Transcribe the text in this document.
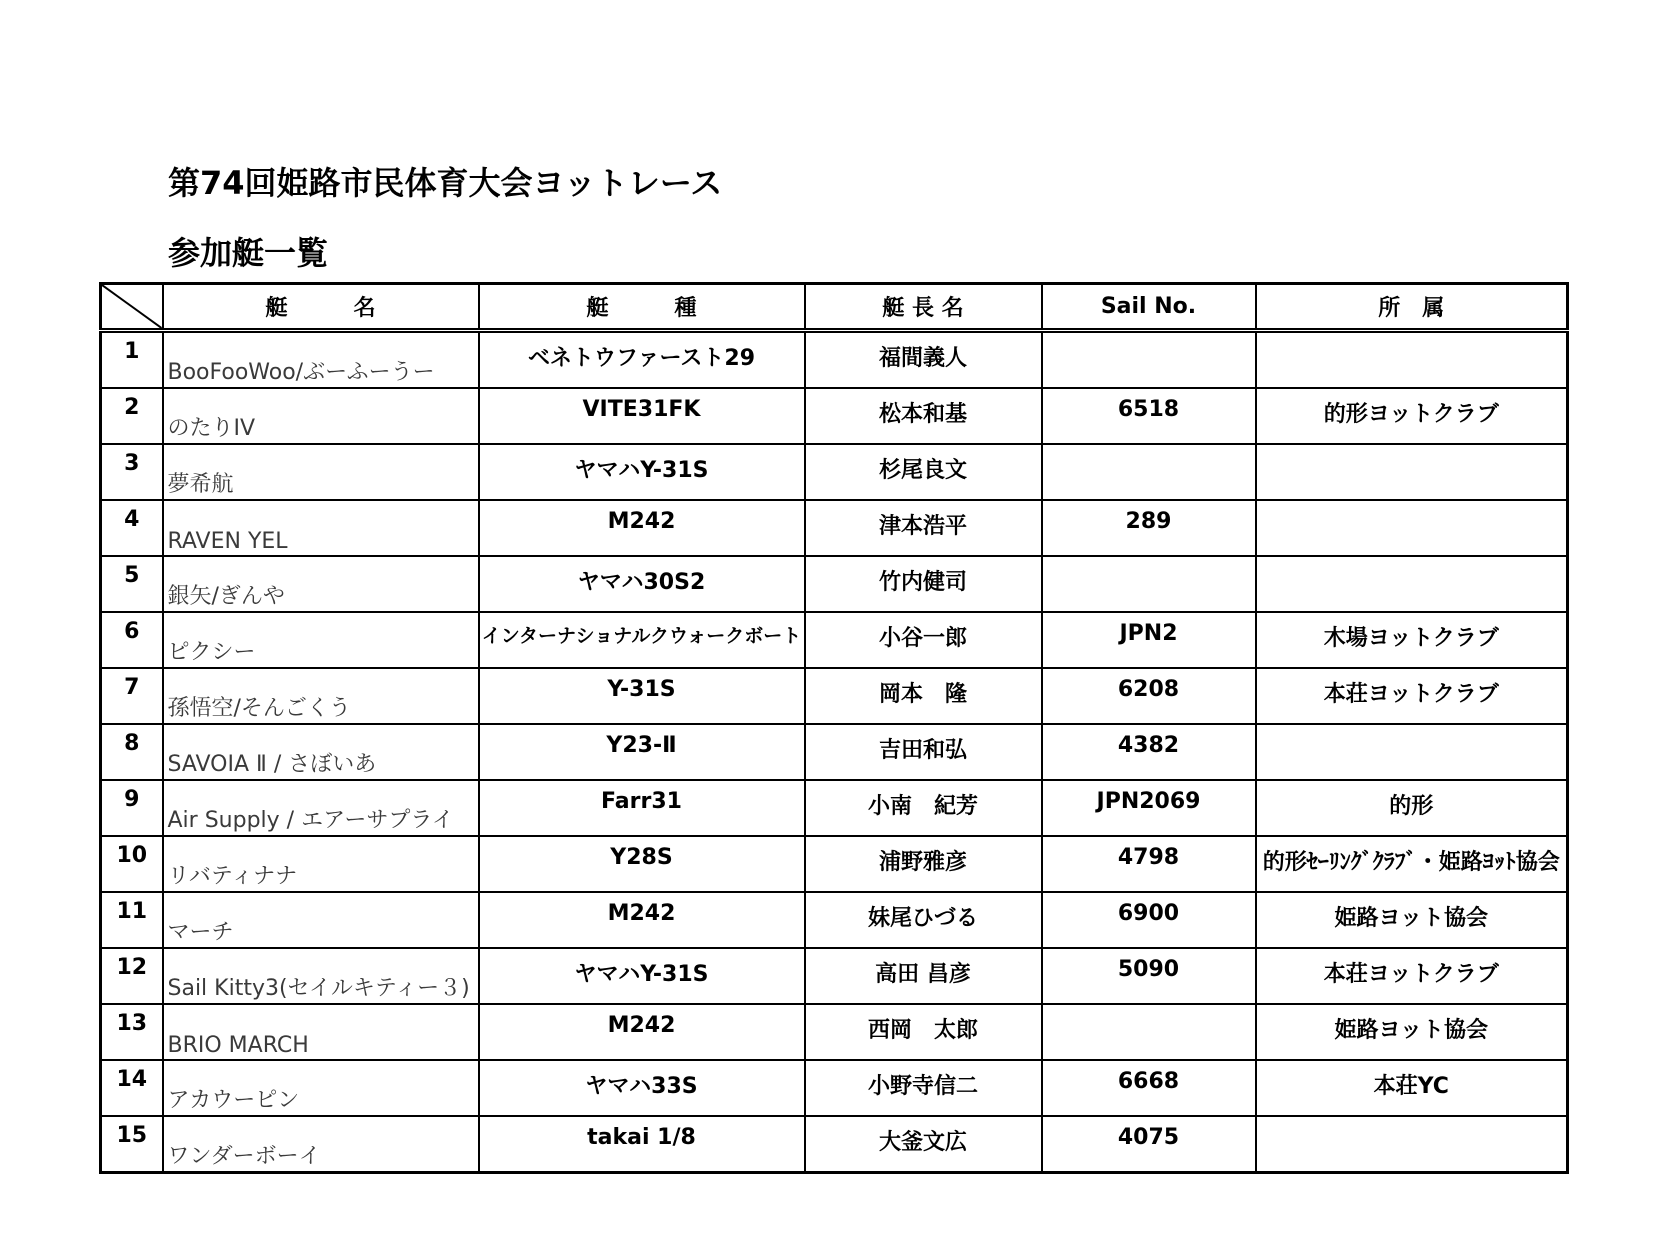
第74回姫路市民体育大会ヨットレース
参加艇一覧
	艇　　　名	艇　　　種	艇 長 名	Sail No.	所　属
1	BooFooWoo/ぶーふーうー	ベネトウファースト29	福間義人		
2	のたりIV	VITE31FK	松本和基	6518	的形ヨットクラブ
3	夢希航	ヤマハY-31S	杉尾良文		
4	RAVEN YEL	M242	津本浩平	289	
5	銀矢/ぎんや	ヤマハ30S2	竹内健司		
6	ピクシー	インターナショナルクウォークボート	小谷一郎	JPN2	木場ヨットクラブ
7	孫悟空/そんごくう	Y-31S	岡本　隆	6208	本荘ヨットクラブ
8	SAVOIA Ⅱ / さぼいあ	Y23-Ⅱ	吉田和弘	4382	
9	Air Supply / エアーサプライ	Farr31	小南　紀芳	JPN2069	的形
10	リバティナナ	Y28S	浦野雅彦	4798	的形ｾｰﾘﾝｸﾞｸﾗﾌﾞ・姫路ﾖｯﾄ協会
11	マーチ	M242	妹尾ひづる	6900	姫路ヨット協会
12	Sail Kitty3(セイルキティー３)	ヤマハY-31S	高田 昌彦	5090	本荘ヨットクラブ
13	BRIO MARCH	M242	西岡　太郎		姫路ヨット協会
14	アカウーピン	ヤマハ33S	小野寺信二	6668	本荘YC
15	ワンダーボーイ	takai 1/8	大釜文広	4075	
